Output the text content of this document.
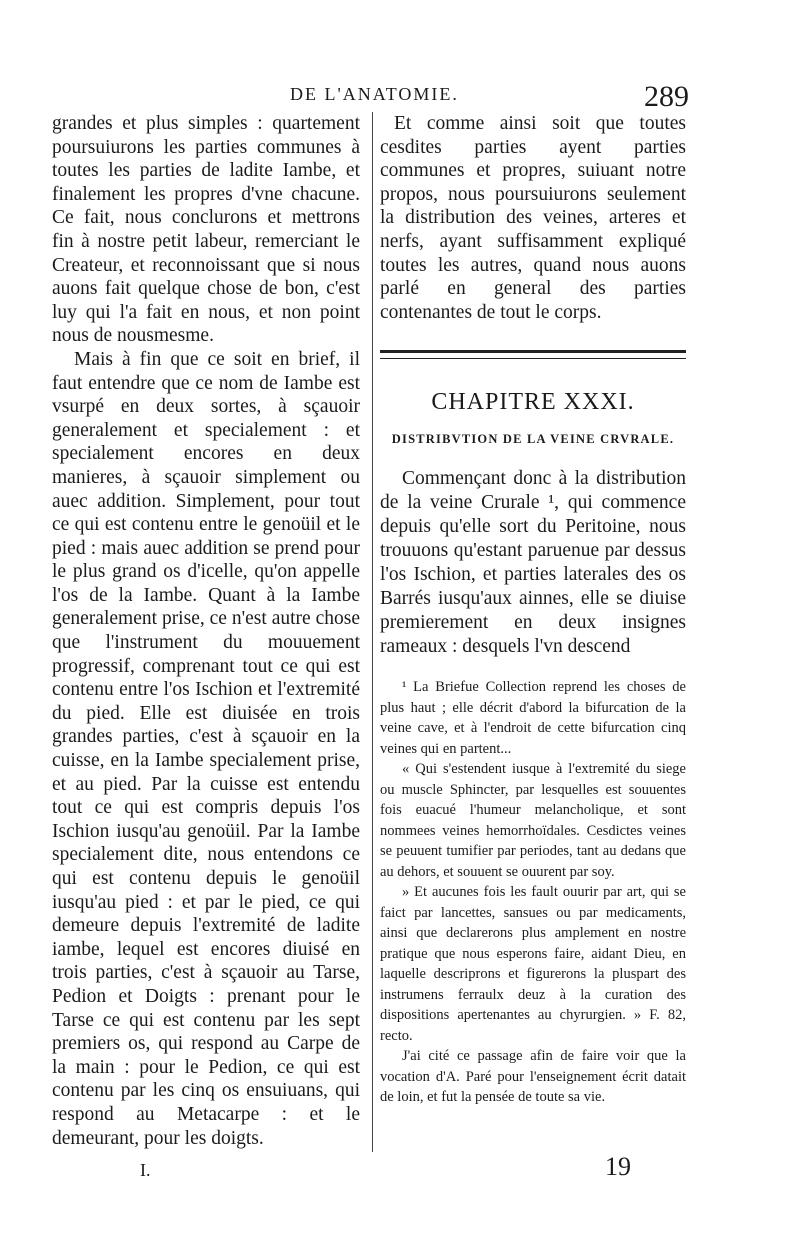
DE L'ANATOMIE.	289

grandes et plus simples : quartement poursuiurons les parties communes à toutes les parties de ladite Iambe, et finalement les propres d'vne chacune. Ce fait, nous conclurons et mettrons fin à nostre petit labeur, remerciant le Createur, et reconnoissant que si nous auons fait quelque chose de bon, c'est luy qui l'a fait en nous, et non point nous de nousmesme.

Mais à fin que ce soit en brief, il faut entendre que ce nom de Iambe est vsurpé en deux sortes, à sçauoir generalement et specialement : et specialement encores en deux manieres, à sçauoir simplement ou auec addition. Simplement, pour tout ce qui est contenu entre le genoüil et le pied : mais auec addition se prend pour le plus grand os d'icelle, qu'on appelle l'os de la Iambe. Quant à la Iambe generalement prise, ce n'est autre chose que l'instrument du mouuement progressif, comprenant tout ce qui est contenu entre l'os Ischion et l'extremité du pied. Elle est diuisée en trois grandes parties, c'est à sçauoir en la cuisse, en la Iambe specialement prise, et au pied. Par la cuisse est entendu tout ce qui est compris depuis l'os Ischion iusqu'au genoüil. Par la Iambe specialement dite, nous entendons ce qui est contenu depuis le genoüil iusqu'au pied : et par le pied, ce qui demeure depuis l'extremité de ladite iambe, lequel est encores diuisé en trois parties, c'est à sçauoir au Tarse, Pedion et Doigts : prenant pour le Tarse ce qui est contenu par les sept premiers os, qui respond au Carpe de la main : pour le Pedion, ce qui est contenu par les cinq os ensuiuans, qui respond au Metacarpe : et le demeurant, pour les doigts.

Et comme ainsi soit que toutes cesdites parties ayent parties communes et propres, suiuant notre propos, nous poursuiurons seulement la distribution des veines, arteres et nerfs, ayant suffisamment expliqué toutes les autres, quand nous auons parlé en general des parties contenantes de tout le corps.

CHAPITRE XXXI.
DISTRIBVTION DE LA VEINE CRVRALE.

Commençant donc à la distribution de la veine Crurale ¹, qui commence depuis qu'elle sort du Peritoine, nous trouuons qu'estant paruenue par dessus l'os Ischion, et parties laterales des os Barrés iusqu'aux ainnes, elle se diuise premierement en deux insignes rameaux : desquels l'vn descend

¹ La Briefue Collection reprend les choses de plus haut ; elle décrit d'abord la bifurcation de la veine cave, et à l'endroit de cette bifurcation cinq veines qui en partent...

« Qui s'estendent iusque à l'extremité du siege ou muscle Sphincter, par lesquelles est souuentes fois euacué l'humeur melancholique, et sont nommees veines hemorrhoïdales. Cesdictes veines se peuuent tumifier par periodes, tant au dedans que au dehors, et souuent se ouurent par soy.

» Et aucunes fois les fault ouurir par art, qui se faict par lancettes, sansues ou par medicaments, ainsi que declarerons plus amplement en nostre pratique que nous esperons faire, aidant Dieu, en laquelle descriprons et figurerons la pluspart des instrumens ferraulx deuz à la curation des dispositions apertenantes au chyrurgien. » F. 82, recto.

J'ai cité ce passage afin de faire voir que la vocation d'A. Paré pour l'enseignement écrit datait de loin, et fut la pensée de toute sa vie.

I.	19
